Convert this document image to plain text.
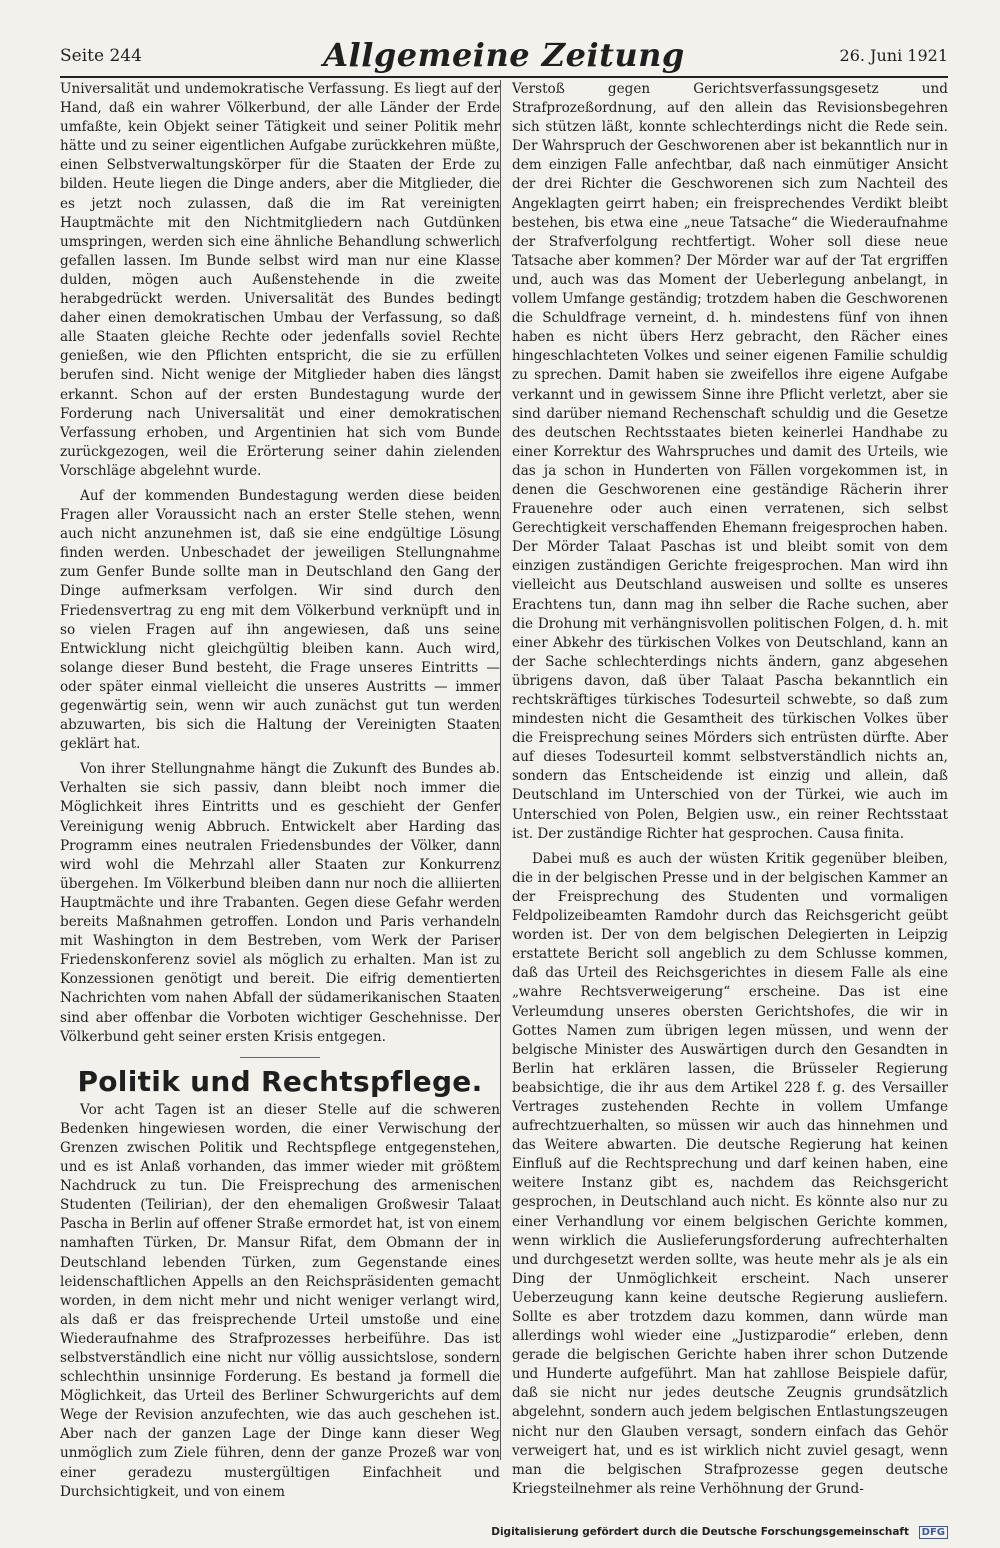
Seite 244	Allgemeine Zeitung	26. Juni 1921

Universalität und undemokratische Verfassung. Es liegt auf der Hand, daß ein wahrer Völkerbund, der alle Länder der Erde umfaßte, kein Objekt seiner Tätigkeit und seiner Politik mehr hätte und zu seiner eigentlichen Aufgabe zurückkehren müßte, einen Selbstverwaltungskörper für die Staaten der Erde zu bilden. Heute liegen die Dinge anders, aber die Mitglieder, die es jetzt noch zulassen, daß die im Rat vereinigten Hauptmächte mit den Nichtmitgliedern nach Gutdünken umspringen, werden sich eine ähnliche Behandlung schwerlich gefallen lassen. Im Bunde selbst wird man nur eine Klasse dulden, mögen auch Außenstehende in die zweite herabgedrückt werden. Universalität des Bundes bedingt daher einen demokratischen Umbau der Verfassung, so daß alle Staaten gleiche Rechte oder jedenfalls soviel Rechte genießen, wie den Pflichten entspricht, die sie zu erfüllen berufen sind. Nicht wenige der Mitglieder haben dies längst erkannt. Schon auf der ersten Bundestagung wurde der Forderung nach Universalität und einer demokratischen Verfassung erhoben, und Argentinien hat sich vom Bunde zurückgezogen, weil die Erörterung seiner dahin zielenden Vorschläge abgelehnt wurde.

Auf der kommenden Bundestagung werden diese beiden Fragen aller Voraussicht nach an erster Stelle stehen, wenn auch nicht anzunehmen ist, daß sie eine endgültige Lösung finden werden. Unbeschadet der jeweiligen Stellungnahme zum Genfer Bunde sollte man in Deutschland den Gang der Dinge aufmerksam verfolgen. Wir sind durch den Friedensvertrag zu eng mit dem Völkerbund verknüpft und in so vielen Fragen auf ihn angewiesen, daß uns seine Entwicklung nicht gleichgültig bleiben kann. Auch wird, solange dieser Bund besteht, die Frage unseres Eintritts — oder später einmal vielleicht die unseres Austritts — immer gegenwärtig sein, wenn wir auch zunächst gut tun werden abzuwarten, bis sich die Haltung der Vereinigten Staaten geklärt hat.

Von ihrer Stellungnahme hängt die Zukunft des Bundes ab. Verhalten sie sich passiv, dann bleibt noch immer die Möglichkeit ihres Eintritts und es geschieht der Genfer Vereinigung wenig Abbruch. Entwickelt aber Harding das Programm eines neutralen Friedensbundes der Völker, dann wird wohl die Mehrzahl aller Staaten zur Konkurrenz übergehen. Im Völkerbund bleiben dann nur noch die alliierten Hauptmächte und ihre Trabanten. Gegen diese Gefahr werden bereits Maßnahmen getroffen. London und Paris verhandeln mit Washington in dem Bestreben, vom Werk der Pariser Friedenskonferenz soviel als möglich zu erhalten. Man ist zu Konzessionen genötigt und bereit. Die eifrig dementierten Nachrichten vom nahen Abfall der südamerikanischen Staaten sind aber offenbar die Vorboten wichtiger Geschehnisse. Der Völkerbund geht seiner ersten Krisis entgegen.

Politik und Rechtspflege.

Vor acht Tagen ist an dieser Stelle auf die schweren Bedenken hingewiesen worden, die einer Verwischung der Grenzen zwischen Politik und Rechtspflege entgegenstehen, und es ist Anlaß vorhanden, das immer wieder mit größtem Nachdruck zu tun. Die Freisprechung des armenischen Studenten (Teilirian), der den ehemaligen Großwesir Talaat Pascha in Berlin auf offener Straße ermordet hat, ist von einem namhaften Türken, Dr. Mansur Rifat, dem Obmann der in Deutschland lebenden Türken, zum Gegenstande eines leidenschaftlichen Appells an den Reichspräsidenten gemacht worden, in dem nicht mehr und nicht weniger verlangt wird, als daß er das freisprechende Urteil umstoße und eine Wiederaufnahme des Strafprozesses herbeiführe. Das ist selbstverständlich eine nicht nur völlig aussichtslose, sondern schlechthin unsinnige Forderung. Es bestand ja formell die Möglichkeit, das Urteil des Berliner Schwurgerichts auf dem Wege der Revision anzufechten, wie das auch geschehen ist. Aber nach der ganzen Lage der Dinge kann dieser Weg unmöglich zum Ziele führen, denn der ganze Prozeß war von einer geradezu mustergültigen Einfachheit und Durchsichtigkeit, und von einem

Verstoß gegen Gerichtsverfassungsgesetz und Strafprozeßordnung, auf den allein das Revisionsbegehren sich stützen läßt, konnte schlechterdings nicht die Rede sein. Der Wahrspruch der Geschworenen aber ist bekanntlich nur in dem einzigen Falle anfechtbar, daß nach einmütiger Ansicht der drei Richter die Geschworenen sich zum Nachteil des Angeklagten geirrt haben; ein freisprechendes Verdikt bleibt bestehen, bis etwa eine „neue Tatsache“ die Wiederaufnahme der Strafverfolgung rechtfertigt. Woher soll diese neue Tatsache aber kommen? Der Mörder war auf der Tat ergriffen und, auch was das Moment der Ueberlegung anbelangt, in vollem Umfange geständig; trotzdem haben die Geschworenen die Schuldfrage verneint, d. h. mindestens fünf von ihnen haben es nicht übers Herz gebracht, den Rächer eines hingeschlachteten Volkes und seiner eigenen Familie schuldig zu sprechen. Damit haben sie zweifellos ihre eigene Aufgabe verkannt und in gewissem Sinne ihre Pflicht verletzt, aber sie sind darüber niemand Rechenschaft schuldig und die Gesetze des deutschen Rechtsstaates bieten keinerlei Handhabe zu einer Korrektur des Wahrspruches und damit des Urteils, wie das ja schon in Hunderten von Fällen vorgekommen ist, in denen die Geschworenen eine geständige Rächerin ihrer Frauenehre oder auch einen verratenen, sich selbst Gerechtigkeit verschaffenden Ehemann freigesprochen haben. Der Mörder Talaat Paschas ist und bleibt somit von dem einzigen zuständigen Gerichte freigesprochen. Man wird ihn vielleicht aus Deutschland ausweisen und sollte es unseres Erachtens tun, dann mag ihn selber die Rache suchen, aber die Drohung mit verhängnisvollen politischen Folgen, d. h. mit einer Abkehr des türkischen Volkes von Deutschland, kann an der Sache schlechterdings nichts ändern, ganz abgesehen übrigens davon, daß über Talaat Pascha bekanntlich ein rechtskräftiges türkisches Todesurteil schwebte, so daß zum mindesten nicht die Gesamtheit des türkischen Volkes über die Freisprechung seines Mörders sich entrüsten dürfte. Aber auf dieses Todesurteil kommt selbstverständlich nichts an, sondern das Entscheidende ist einzig und allein, daß Deutschland im Unterschied von der Türkei, wie auch im Unterschied von Polen, Belgien usw., ein reiner Rechtsstaat ist. Der zuständige Richter hat gesprochen. Causa finita.

Dabei muß es auch der wüsten Kritik gegenüber bleiben, die in der belgischen Presse und in der belgischen Kammer an der Freisprechung des Studenten und vormaligen Feldpolizeibeamten Ramdohr durch das Reichsgericht geübt worden ist. Der von dem belgischen Delegierten in Leipzig erstattete Bericht soll angeblich zu dem Schlusse kommen, daß das Urteil des Reichsgerichtes in diesem Falle als eine „wahre Rechtsverweigerung“ erscheine. Das ist eine Verleumdung unseres obersten Gerichtshofes, die wir in Gottes Namen zum übrigen legen müssen, und wenn der belgische Minister des Auswärtigen durch den Gesandten in Berlin hat erklären lassen, die Brüsseler Regierung beabsichtige, die ihr aus dem Artikel 228 f. g. des Versailler Vertrages zustehenden Rechte in vollem Umfange aufrechtzuerhalten, so müssen wir auch das hinnehmen und das Weitere abwarten. Die deutsche Regierung hat keinen Einfluß auf die Rechtsprechung und darf keinen haben, eine weitere Instanz gibt es, nachdem das Reichsgericht gesprochen, in Deutschland auch nicht. Es könnte also nur zu einer Verhandlung vor einem belgischen Gerichte kommen, wenn wirklich die Auslieferungsforderung aufrechterhalten und durchgesetzt werden sollte, was heute mehr als je als ein Ding der Unmöglichkeit erscheint. Nach unserer Ueberzeugung kann keine deutsche Regierung ausliefern. Sollte es aber trotzdem dazu kommen, dann würde man allerdings wohl wieder eine „Justizparodie“ erleben, denn gerade die belgischen Gerichte haben ihrer schon Dutzende und Hunderte aufgeführt. Man hat zahllose Beispiele dafür, daß sie nicht nur jedes deutsche Zeugnis grundsätzlich abgelehnt, sondern auch jedem belgischen Entlastungszeugen nicht nur den Glauben versagt, sondern einfach das Gehör verweigert hat, und es ist wirklich nicht zuviel gesagt, wenn man die belgischen Strafprozesse gegen deutsche Kriegsteilnehmer als reine Verhöhnung der Grund-

Digitalisierung gefördert durch die Deutsche Forschungsgemeinschaft DFG
